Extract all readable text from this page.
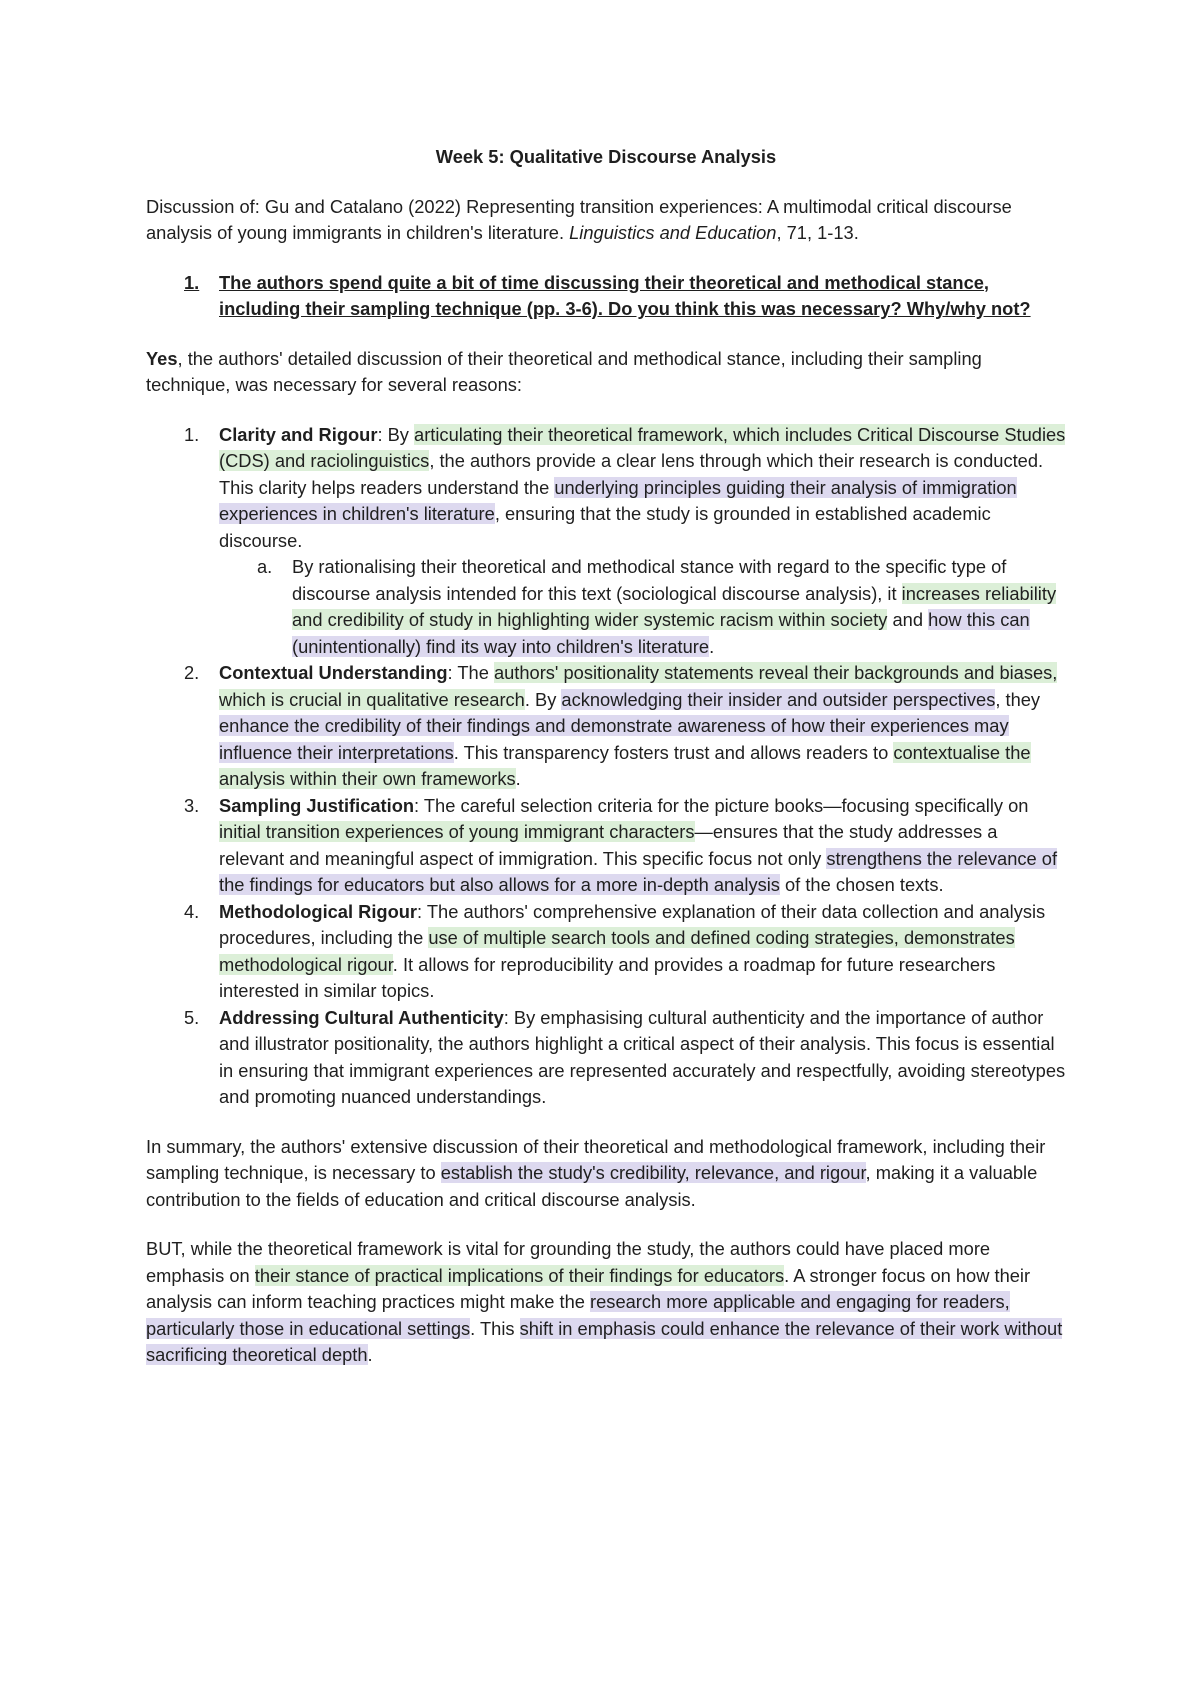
Week 5: Qualitative Discourse Analysis

Discussion of: Gu and Catalano (2022) Representing transition experiences: A multimodal critical discourse analysis of young immigrants in children's literature. Linguistics and Education, 71, 1-13.

1.	The authors spend quite a bit of time discussing their theoretical and methodical stance, including their sampling technique (pp. 3-6). Do you think this was necessary? Why/why not?

Yes, the authors' detailed discussion of their theoretical and methodical stance, including their sampling technique, was necessary for several reasons:

1.	Clarity and Rigour: By articulating their theoretical framework, which includes Critical Discourse Studies (CDS) and raciolinguistics, the authors provide a clear lens through which their research is conducted. This clarity helps readers understand the underlying principles guiding their analysis of immigration experiences in children's literature, ensuring that the study is grounded in established academic discourse.
a.	By rationalising their theoretical and methodical stance with regard to the specific type of discourse analysis intended for this text (sociological discourse analysis), it increases reliability and credibility of study in highlighting wider systemic racism within society and how this can (unintentionally) find its way into children's literature.
2.	Contextual Understanding: The authors' positionality statements reveal their backgrounds and biases, which is crucial in qualitative research. By acknowledging their insider and outsider perspectives, they enhance the credibility of their findings and demonstrate awareness of how their experiences may influence their interpretations. This transparency fosters trust and allows readers to contextualise the analysis within their own frameworks.
3.	Sampling Justification: The careful selection criteria for the picture books—focusing specifically on initial transition experiences of young immigrant characters—ensures that the study addresses a relevant and meaningful aspect of immigration. This specific focus not only strengthens the relevance of the findings for educators but also allows for a more in-depth analysis of the chosen texts.
4.	Methodological Rigour: The authors' comprehensive explanation of their data collection and analysis procedures, including the use of multiple search tools and defined coding strategies, demonstrates methodological rigour. It allows for reproducibility and provides a roadmap for future researchers interested in similar topics.
5.	Addressing Cultural Authenticity: By emphasising cultural authenticity and the importance of author and illustrator positionality, the authors highlight a critical aspect of their analysis. This focus is essential in ensuring that immigrant experiences are represented accurately and respectfully, avoiding stereotypes and promoting nuanced understandings.

In summary, the authors' extensive discussion of their theoretical and methodological framework, including their sampling technique, is necessary to establish the study's credibility, relevance, and rigour, making it a valuable contribution to the fields of education and critical discourse analysis.

BUT, while the theoretical framework is vital for grounding the study, the authors could have placed more emphasis on their stance of practical implications of their findings for educators. A stronger focus on how their analysis can inform teaching practices might make the research more applicable and engaging for readers, particularly those in educational settings. This shift in emphasis could enhance the relevance of their work without sacrificing theoretical depth.
